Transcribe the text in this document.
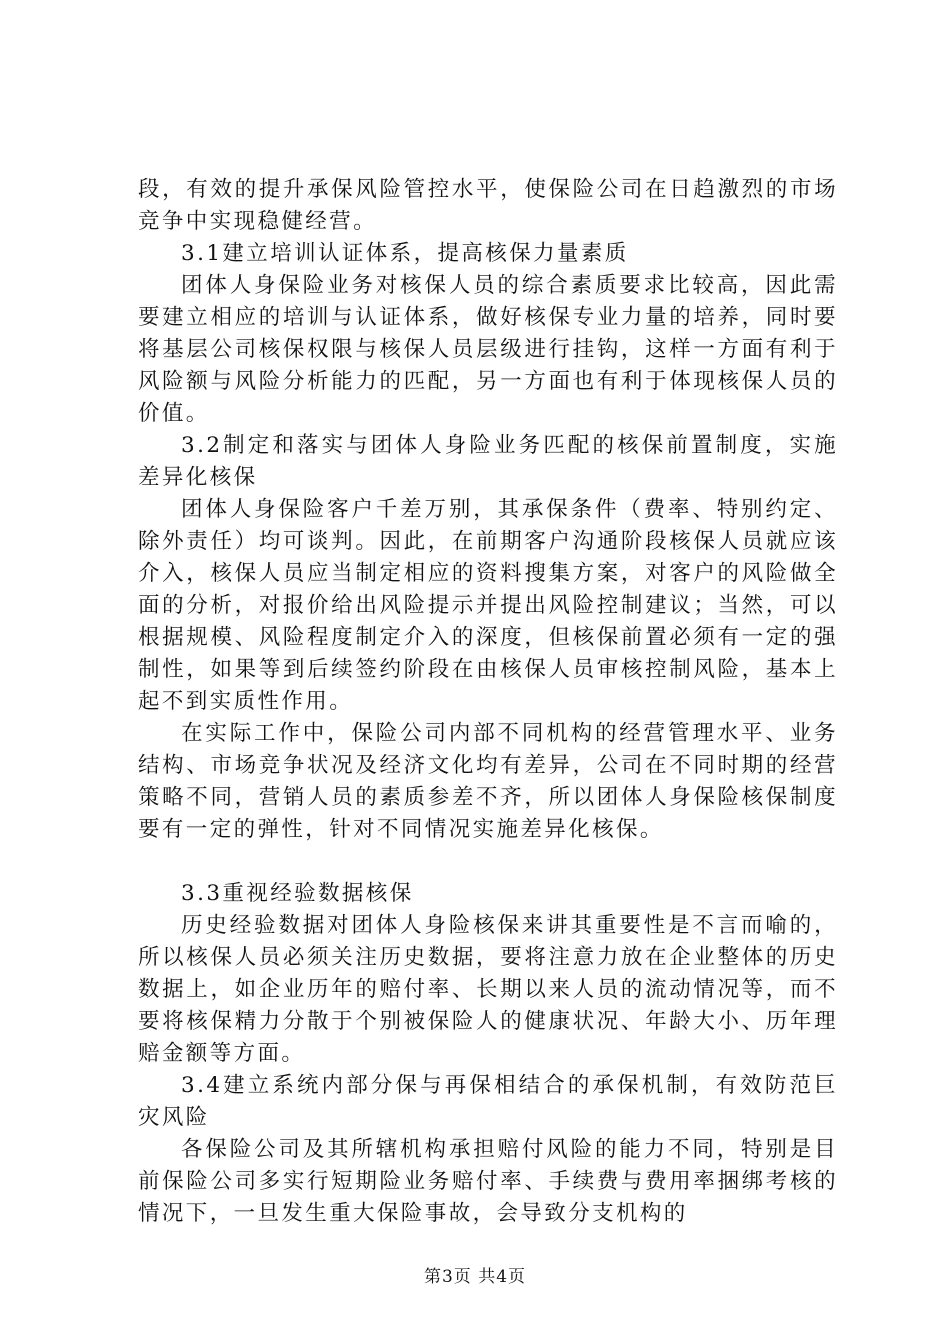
段，有效的提升承保风险管控水平，使保险公司在日趋激烈的市场竞争中实现稳健经营。

3.1建立培训认证体系，提高核保力量素质

团体人身保险业务对核保人员的综合素质要求比较高，因此需要建立相应的培训与认证体系，做好核保专业力量的培养，同时要将基层公司核保权限与核保人员层级进行挂钩，这样一方面有利于风险额与风险分析能力的匹配，另一方面也有利于体现核保人员的价值。

3.2制定和落实与团体人身险业务匹配的核保前置制度，实施差异化核保

团体人身保险客户千差万别，其承保条件（费率、特别约定、除外责任）均可谈判。因此，在前期客户沟通阶段核保人员就应该介入，核保人员应当制定相应的资料搜集方案，对客户的风险做全面的分析，对报价给出风险提示并提出风险控制建议；当然，可以根据规模、风险程度制定介入的深度，但核保前置必须有一定的强制性，如果等到后续签约阶段在由核保人员审核控制风险，基本上起不到实质性作用。

在实际工作中，保险公司内部不同机构的经营管理水平、业务结构、市场竞争状况及经济文化均有差异，公司在不同时期的经营策略不同，营销人员的素质参差不齐，所以团体人身保险核保制度要有一定的弹性，针对不同情况实施差异化核保。

3.3重视经验数据核保

历史经验数据对团体人身险核保来讲其重要性是不言而喻的，所以核保人员必须关注历史数据，要将注意力放在企业整体的历史数据上，如企业历年的赔付率、长期以来人员的流动情况等，而不要将核保精力分散于个别被保险人的健康状况、年龄大小、历年理赔金额等方面。

3.4建立系统内部分保与再保相结合的承保机制，有效防范巨灾风险

各保险公司及其所辖机构承担赔付风险的能力不同，特别是目前保险公司多实行短期险业务赔付率、手续费与费用率捆绑考核的情况下，一旦发生重大保险事故，会导致分支机构的

第3页 共4页
